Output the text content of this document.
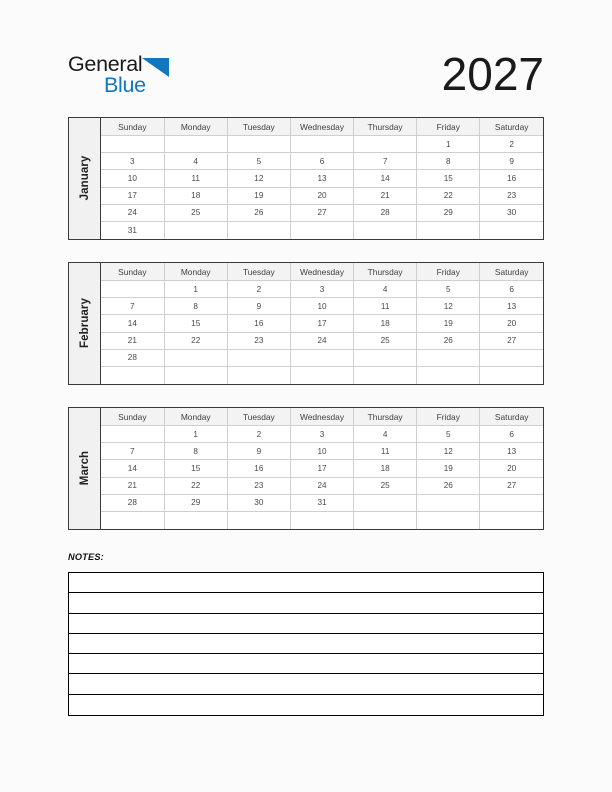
General
Blue	2027
January
Sunday	Monday	Tuesday	Wednesday	Thursday	Friday	Saturday
					1	2
3	4	5	6	7	8	9
10	11	12	13	14	15	16
17	18	19	20	21	22	23
24	25	26	27	28	29	30
31						
February
Sunday	Monday	Tuesday	Wednesday	Thursday	Friday	Saturday
	1	2	3	4	5	6
7	8	9	10	11	12	13
14	15	16	17	18	19	20
21	22	23	24	25	26	27
28						

March
Sunday	Monday	Tuesday	Wednesday	Thursday	Friday	Saturday
	1	2	3	4	5	6
7	8	9	10	11	12	13
14	15	16	17	18	19	20
21	22	23	24	25	26	27
28	29	30	31			

NOTES:
